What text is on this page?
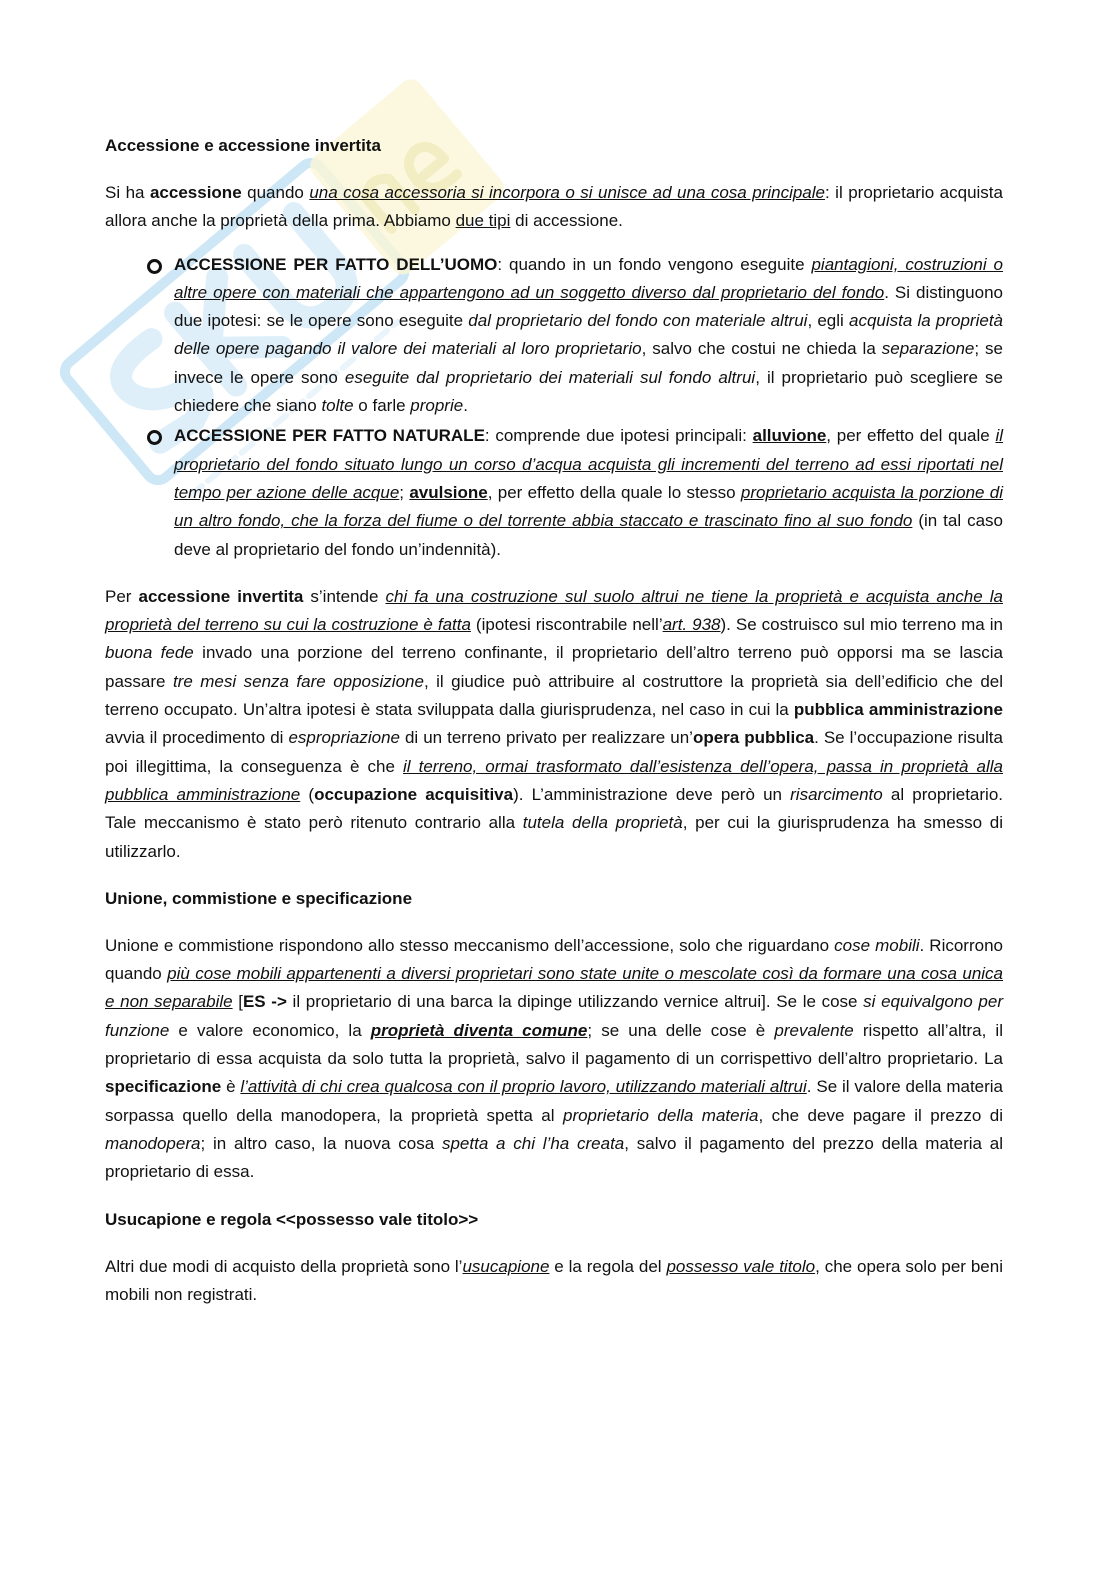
Accessione e accessione invertita

Si ha accessione quando una cosa accessoria si incorpora o si unisce ad una cosa principale: il proprietario acquista allora anche la proprietà della prima. Abbiamo due tipi di accessione.

ACCESSIONE PER FATTO DELL’UOMO: quando in un fondo vengono eseguite piantagioni, costruzioni o altre opere con materiali che appartengono ad un soggetto diverso dal proprietario del fondo. Si distinguono due ipotesi: se le opere sono eseguite dal proprietario del fondo con materiale altrui, egli acquista la proprietà delle opere pagando il valore dei materiali al loro proprietario, salvo che costui ne chieda la separazione; se invece le opere sono eseguite dal proprietario dei materiali sul fondo altrui, il proprietario può scegliere se chiedere che siano tolte o farle proprie.
ACCESSIONE PER FATTO NATURALE: comprende due ipotesi principali: alluvione, per effetto del quale il proprietario del fondo situato lungo un corso d’acqua acquista gli incrementi del terreno ad essi riportati nel tempo per azione delle acque; avulsione, per effetto della quale lo stesso proprietario acquista la porzione di un altro fondo, che la forza del fiume o del torrente abbia staccato e trascinato fino al suo fondo (in tal caso deve al proprietario del fondo un’indennità).

Per accessione invertita s’intende chi fa una costruzione sul suolo altrui ne tiene la proprietà e acquista anche la proprietà del terreno su cui la costruzione è fatta (ipotesi riscontrabile nell’art. 938). Se costruisco sul mio terreno ma in buona fede invado una porzione del terreno confinante, il proprietario dell’altro terreno può opporsi ma se lascia passare tre mesi senza fare opposizione, il giudice può attribuire al costruttore la proprietà sia dell’edificio che del terreno occupato. Un’altra ipotesi è stata sviluppata dalla giurisprudenza, nel caso in cui la pubblica amministrazione avvia il procedimento di espropriazione di un terreno privato per realizzare un’opera pubblica. Se l’occupazione risulta poi illegittima, la conseguenza è che il terreno, ormai trasformato dall’esistenza dell’opera, passa in proprietà alla pubblica amministrazione (occupazione acquisitiva). L’amministrazione deve però un risarcimento al proprietario. Tale meccanismo è stato però ritenuto contrario alla tutela della proprietà, per cui la giurisprudenza ha smesso di utilizzarlo.

Unione, commistione e specificazione

Unione e commistione rispondono allo stesso meccanismo dell’accessione, solo che riguardano cose mobili. Ricorrono quando più cose mobili appartenenti a diversi proprietari sono state unite o mescolate così da formare una cosa unica e non separabile [ES -> il proprietario di una barca la dipinge utilizzando vernice altrui]. Se le cose si equivalgono per funzione e valore economico, la proprietà diventa comune; se una delle cose è prevalente rispetto all’altra, il proprietario di essa acquista da solo tutta la proprietà, salvo il pagamento di un corrispettivo dell’altro proprietario. La specificazione è l’attività di chi crea qualcosa con il proprio lavoro, utilizzando materiali altrui. Se il valore della materia sorpassa quello della manodopera, la proprietà spetta al proprietario della materia, che deve pagare il prezzo di manodopera; in altro caso, la nuova cosa spetta a chi l’ha creata, salvo il pagamento del prezzo della materia al proprietario di essa.

Usucapione e regola <<possesso vale titolo>>

Altri due modi di acquisto della proprietà sono l’usucapione e la regola del possesso vale titolo, che opera solo per beni mobili non registrati.
